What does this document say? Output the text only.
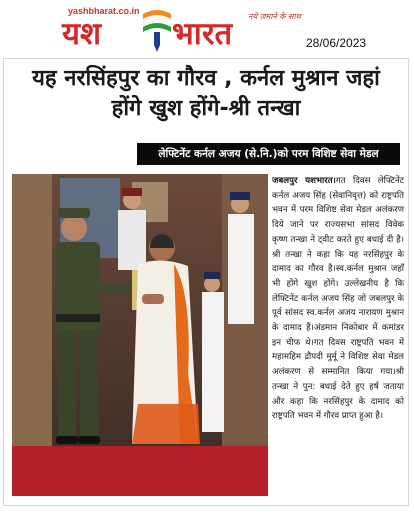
yashbharat.co.in
यश भारत नये ज़माने के साथ
28/06/2023
यह नरसिंहपुर का गौरव , कर्नल मुश्रान जहां होंगे खुश होंगे-श्री तन्खा
लेफ्टिनेंट कर्नल अजय (से.नि.)को परम विशिष्ट सेवा मेडल
जबलपुर यशभारत।गत दिवस लेफ्टिनेंट कर्नल अजय सिंह (सेवानिवृत्त) को राष्ट्रपति भवन में परम विशिष्ट सेवा मेडल अलंकरण दिये जाने पर राज्यसभा सांसद विवेक कृष्ण तन्खा ने ट्वीट करते हुए बधाई दी है।श्री तन्खा ने कहा कि यह नरसिंहपुर के दामाद का गौरव है।स्व.कर्नल मुश्रान जहाँ भी होंगे खुश होंगे। उल्लेखनीय है कि लेफ्टिनेंट कर्नल अजय सिंह जो जबलपुर के पूर्व सांसद स्व.कर्नल अजय नारायण मुश्रान के दामाद हैं।अंडमान निकोबार में कमांडर इन चीफ थे।गत दिवस राष्ट्रपति भवन में महामहिम द्रौपदी मुर्मू ने विशिष्ट सेवा मेडल अलंकरण से सम्मानित किया गया।श्री तन्खा ने पुन: बधाई देते हुए हर्ष जताया और कहा कि नरसिंहपुर के दामाद को राष्ट्रपति भवन में गौरव प्राप्त हुआ है।
